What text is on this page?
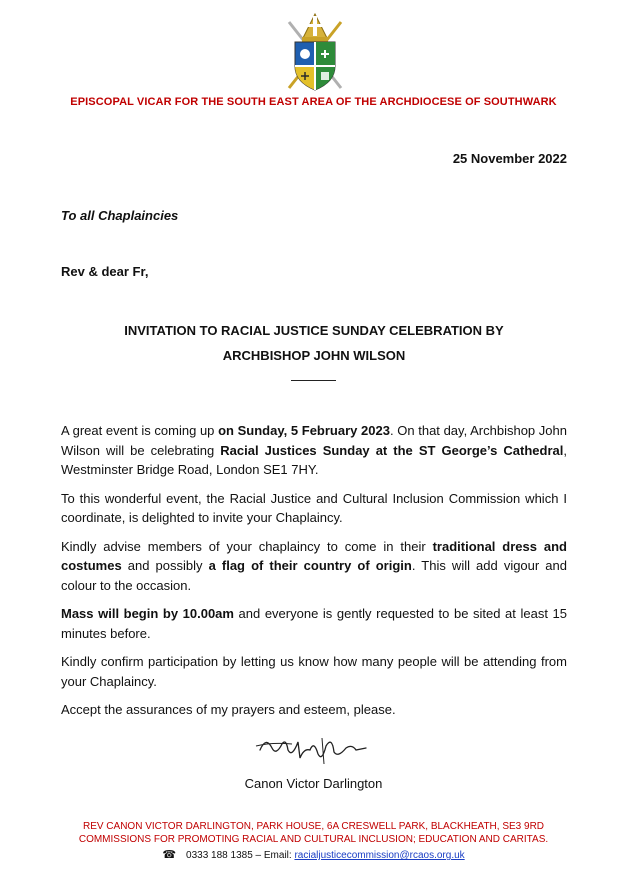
EPISCOPAL VICAR FOR THE SOUTH EAST AREA OF THE ARCHDIOCESE OF SOUTHWARK
25 November 2022
To all Chaplaincies
Rev & dear Fr,
INVITATION TO RACIAL JUSTICE SUNDAY CELEBRATION BY
ARCHBISHOP JOHN WILSON

A great event is coming up on Sunday, 5 February 2023. On that day, Archbishop John Wilson will be celebrating Racial Justices Sunday at the ST George’s Cathedral, Westminster Bridge Road, London SE1 7HY.

To this wonderful event, the Racial Justice and Cultural Inclusion Commission which I coordinate, is delighted to invite your Chaplaincy.

Kindly advise members of your chaplaincy to come in their traditional dress and costumes and possibly a flag of their country of origin. This will add vigour and colour to the occasion.

Mass will begin by 10.00am and everyone is gently requested to be sited at least 15 minutes before.

Kindly confirm participation by letting us know how many people will be attending from your Chaplaincy.

Accept the assurances of my prayers and esteem, please.

Canon Victor Darlington
REV CANON VICTOR DARLINGTON, PARK HOUSE, 6A CRESWELL PARK, BLACKHEATH, SE3 9RD
COMMISSIONS FOR PROMOTING RACIAL AND CULTURAL INCLUSION; EDUCATION AND CARITAS.
☎ 0333 188 1385 – Email: racialjusticecommission@rcaos.org.uk
